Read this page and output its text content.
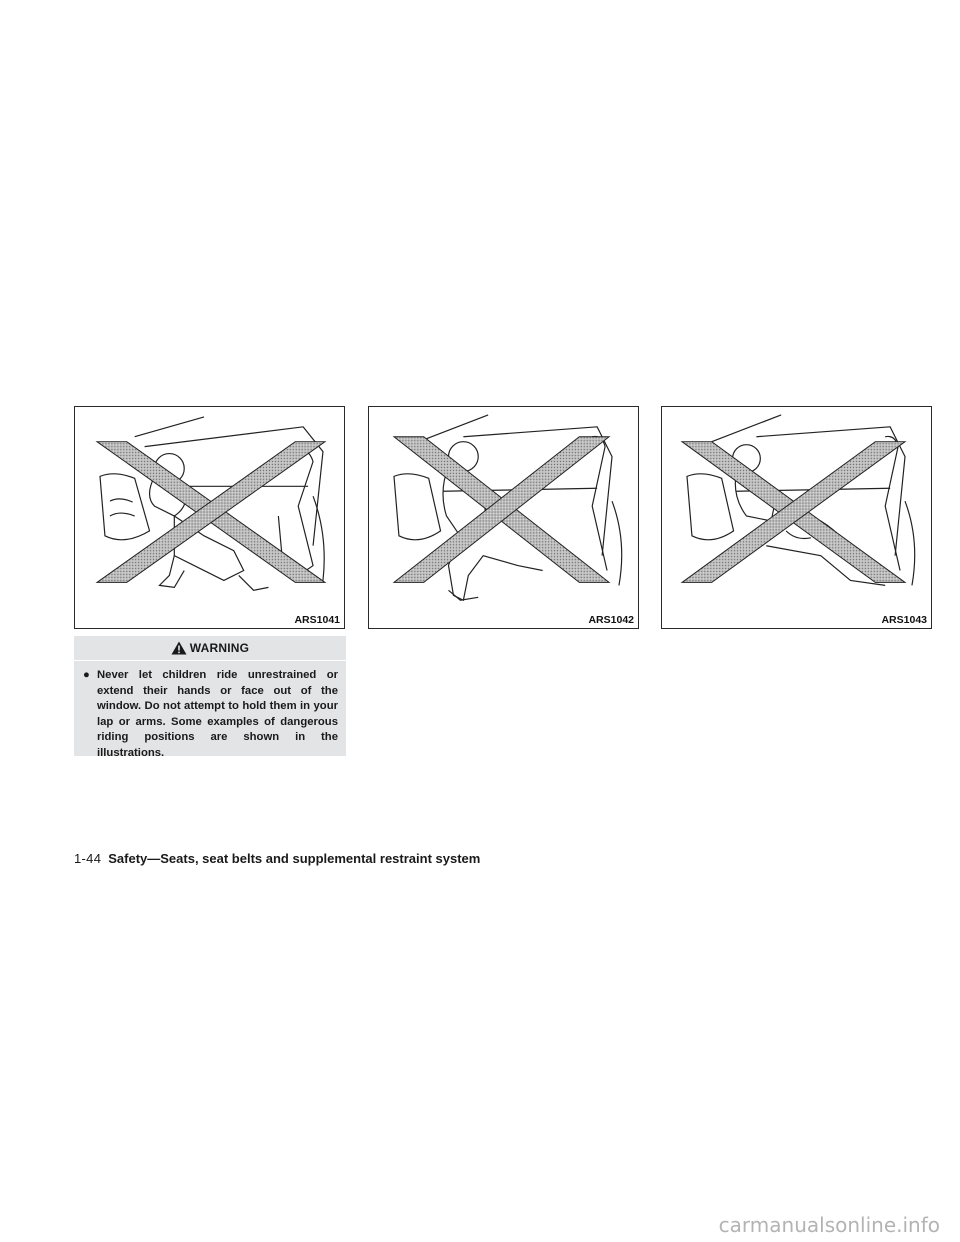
ARS1041	ARS1042	ARS1043
WARNING
● Never let children ride unrestrained or extend their hands or face out of the window. Do not attempt to hold them in your lap or arms. Some examples of dangerous riding positions are shown in the illustrations.
1-44 Safety—Seats, seat belts and supplemental restraint system
carmanualsonline.info
